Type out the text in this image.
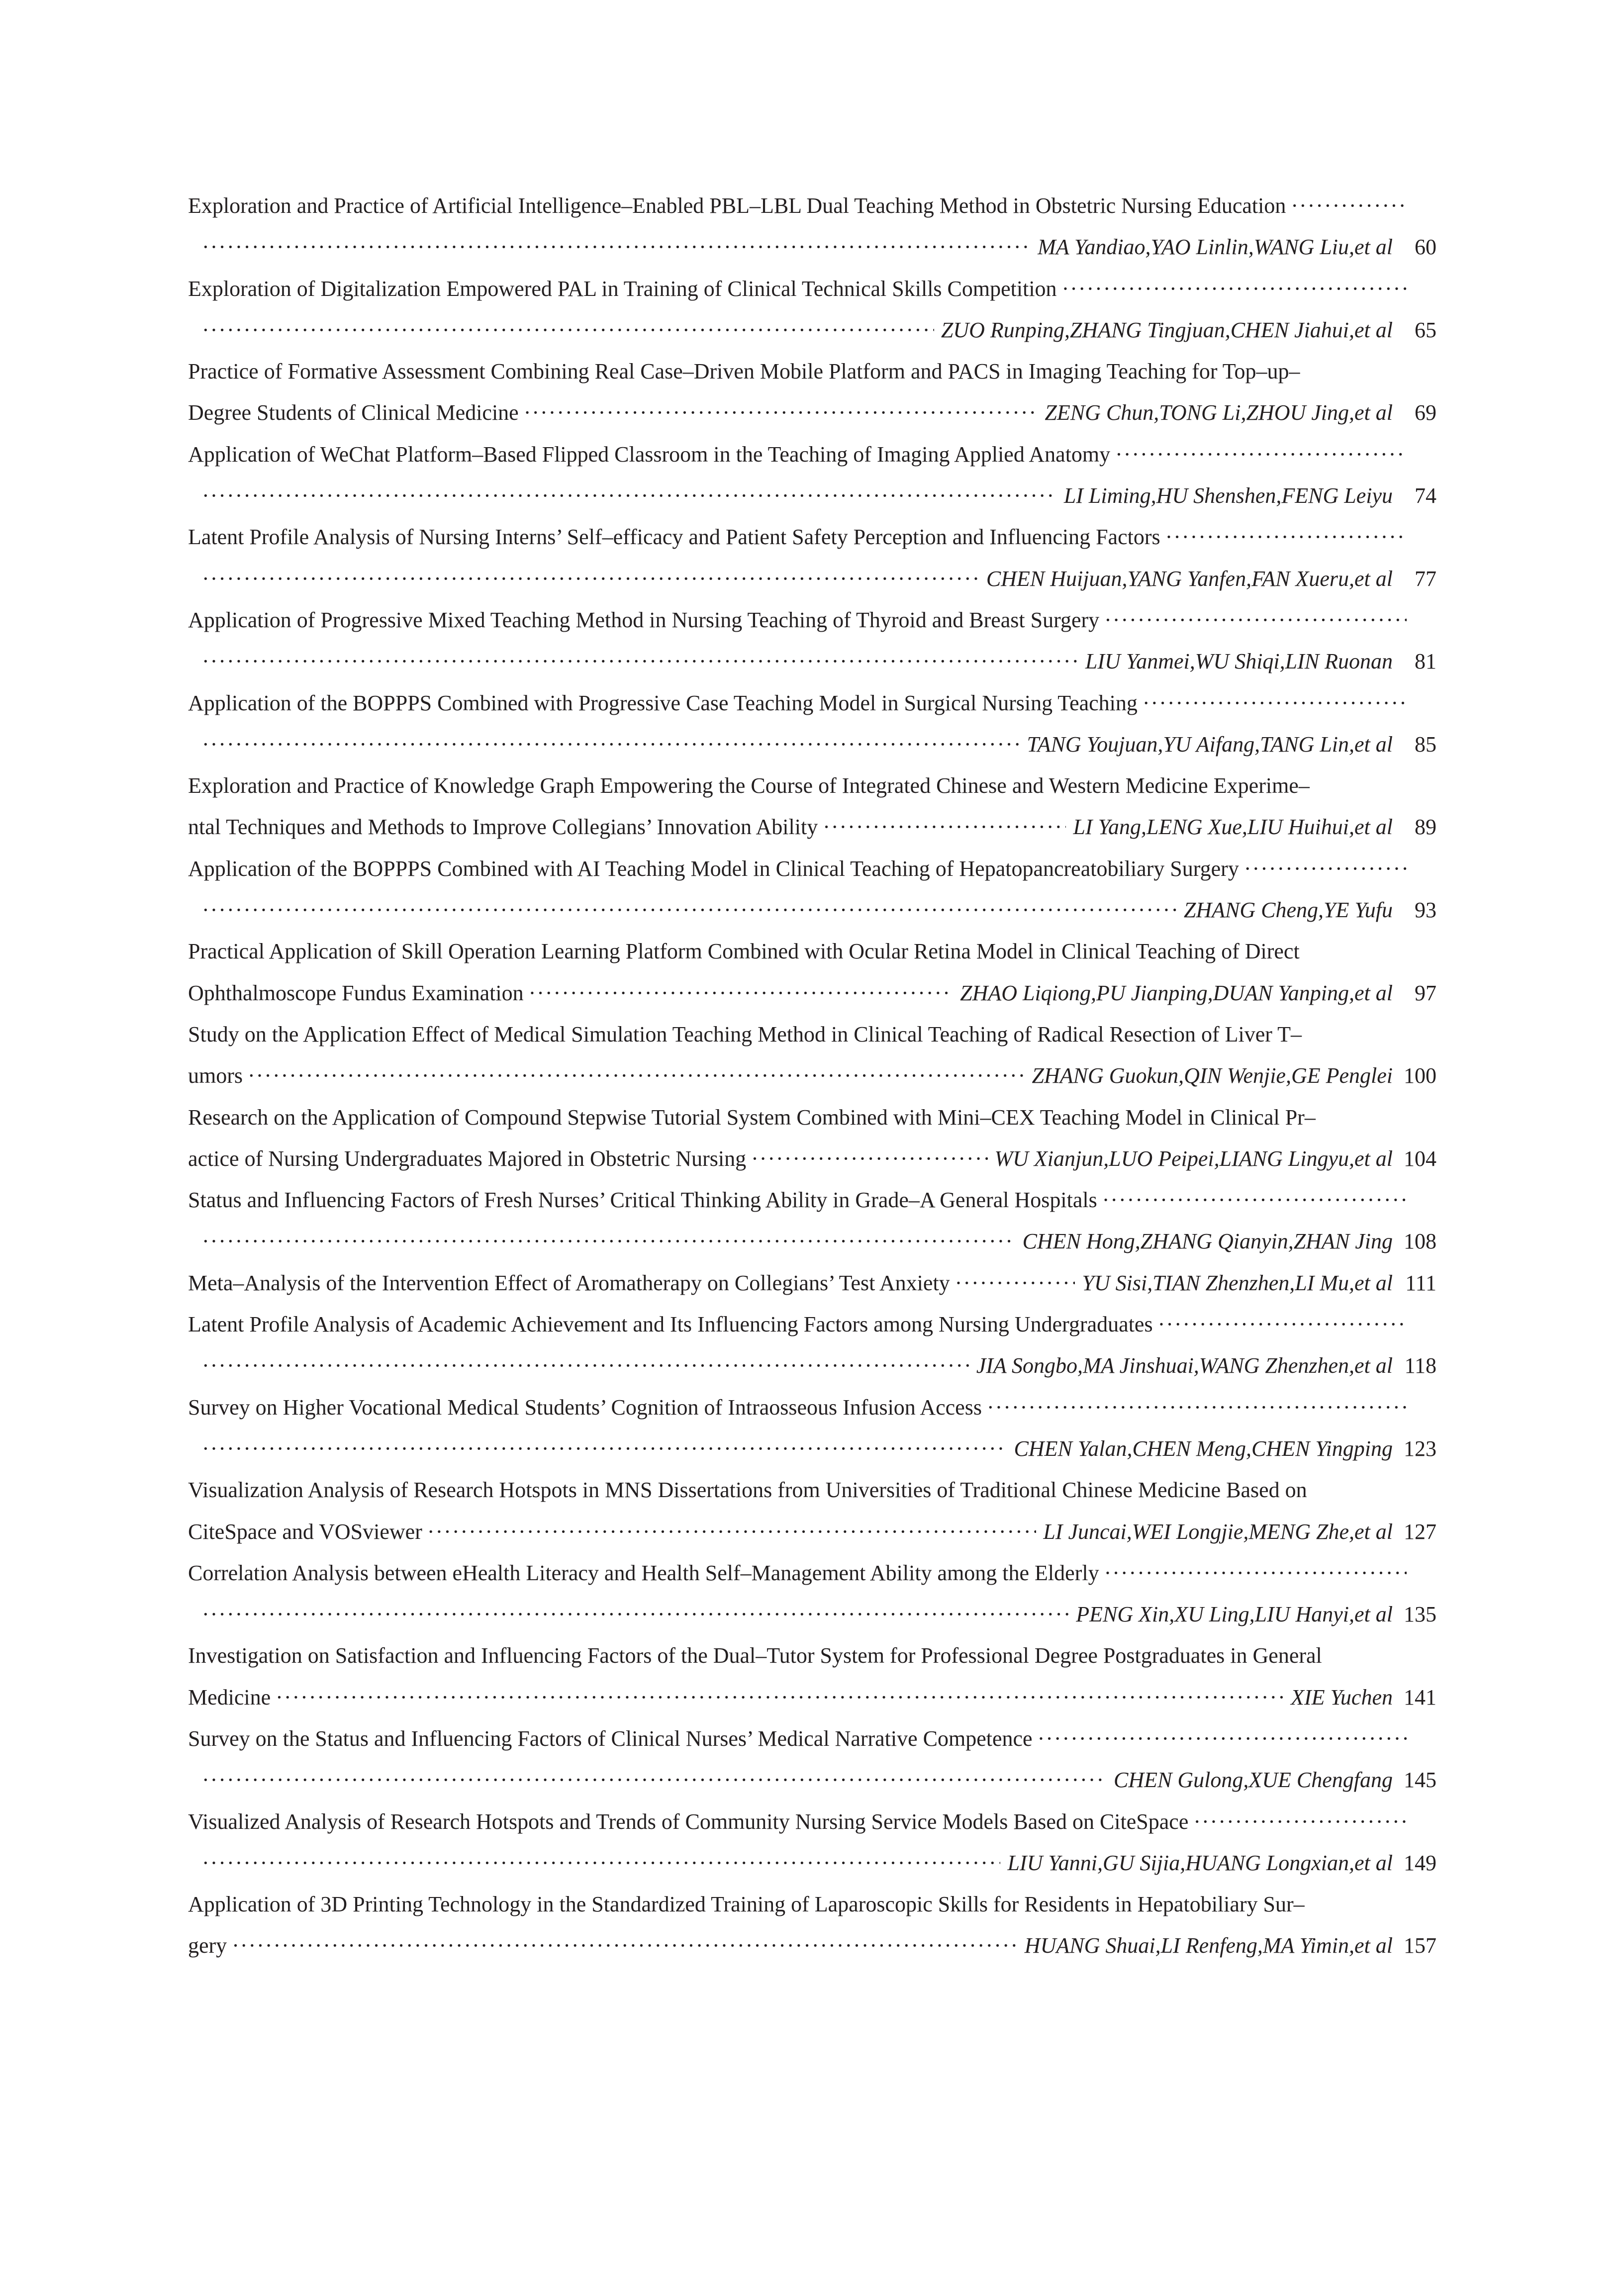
Exploration and Practice of Artificial Intelligence–Enabled PBL–LBL Dual Teaching Method in Obstetric Nursing Education
·····
·····
MA Yandiao,YAO Linlin,WANG Liu,et al	60
Exploration of Digitalization Empowered PAL in Training of Clinical Technical Skills Competition
·····
·····
ZUO Runping,ZHANG Tingjuan,CHEN Jiahui,et al	65
Practice of Formative Assessment Combining Real Case–Driven Mobile Platform and PACS in Imaging Teaching for Top–up–
Degree Students of Clinical Medicine ·····	ZENG Chun,TONG Li,ZHOU Jing,et al	69
Application of WeChat Platform–Based Flipped Classroom in the Teaching of Imaging Applied Anatomy
·····
·····
LI Liming,HU Shenshen,FENG Leiyu	74
Latent Profile Analysis of Nursing Interns’ Self–efficacy and Patient Safety Perception and Influencing Factors
·····
·····
CHEN Huijuan,YANG Yanfen,FAN Xueru,et al	77
Application of Progressive Mixed Teaching Method in Nursing Teaching of Thyroid and Breast Surgery
·····
·····
LIU Yanmei,WU Shiqi,LIN Ruonan	81
Application of the BOPPPS Combined with Progressive Case Teaching Model in Surgical Nursing Teaching
·····
·····
TANG Youjuan,YU Aifang,TANG Lin,et al	85
Exploration and Practice of Knowledge Graph Empowering the Course of Integrated Chinese and Western Medicine Experime–
ntal Techniques and Methods to Improve Collegians’ Innovation Ability ·····	LI Yang,LENG Xue,LIU Huihui,et al	89
Application of the BOPPPS Combined with AI Teaching Model in Clinical Teaching of Hepatopancreatobiliary Surgery
·····
·····
ZHANG Cheng,YE Yufu	93
Practical Application of Skill Operation Learning Platform Combined with Ocular Retina Model in Clinical Teaching of Direct
Ophthalmoscope Fundus Examination ·····	ZHAO Liqiong,PU Jianping,DUAN Yanping,et al	97
Study on the Application Effect of Medical Simulation Teaching Method in Clinical Teaching of Radical Resection of Liver T–
umors ·····	ZHANG Guokun,QIN Wenjie,GE Penglei 100
Research on the Application of Compound Stepwise Tutorial System Combined with Mini–CEX Teaching Model in Clinical Pr–
actice of Nursing Undergraduates Majored in Obstetric Nursing ·····	WU Xianjun,LUO Peipei,LIANG Lingyu,et al 104
Status and Influencing Factors of Fresh Nurses’ Critical Thinking Ability in Grade–A General Hospitals
·····
·····
CHEN Hong,ZHANG Qianyin,ZHAN Jing 108
Meta–Analysis of the Intervention Effect of Aromatherapy on Collegians’ Test Anxiety ·····	YU Sisi,TIAN Zhenzhen,LI Mu,et al 111
Latent Profile Analysis of Academic Achievement and Its Influencing Factors among Nursing Undergraduates
·····
·····
JIA Songbo,MA Jinshuai,WANG Zhenzhen,et al 118
Survey on Higher Vocational Medical Students’ Cognition of Intraosseous Infusion Access
·····
·····
CHEN Yalan,CHEN Meng,CHEN Yingping 123
Visualization Analysis of Research Hotspots in MNS Dissertations from Universities of Traditional Chinese Medicine Based on
CiteSpace and VOSviewer ·····	LI Juncai,WEI Longjie,MENG Zhe,et al 127
Correlation Analysis between eHealth Literacy and Health Self–Management Ability among the Elderly
·····
·····
PENG Xin,XU Ling,LIU Hanyi,et al 135
Investigation on Satisfaction and Influencing Factors of the Dual–Tutor System for Professional Degree Postgraduates in General
Medicine ·····	XIE Yuchen 141
Survey on the Status and Influencing Factors of Clinical Nurses’ Medical Narrative Competence
·····
·····
CHEN Gulong,XUE Chengfang 145
Visualized Analysis of Research Hotspots and Trends of Community Nursing Service Models Based on CiteSpace
·····
·····
LIU Yanni,GU Sijia,HUANG Longxian,et al 149
Application of 3D Printing Technology in the Standardized Training of Laparoscopic Skills for Residents in Hepatobiliary Sur–
gery ·····	HUANG Shuai,LI Renfeng,MA Yimin,et al 157
